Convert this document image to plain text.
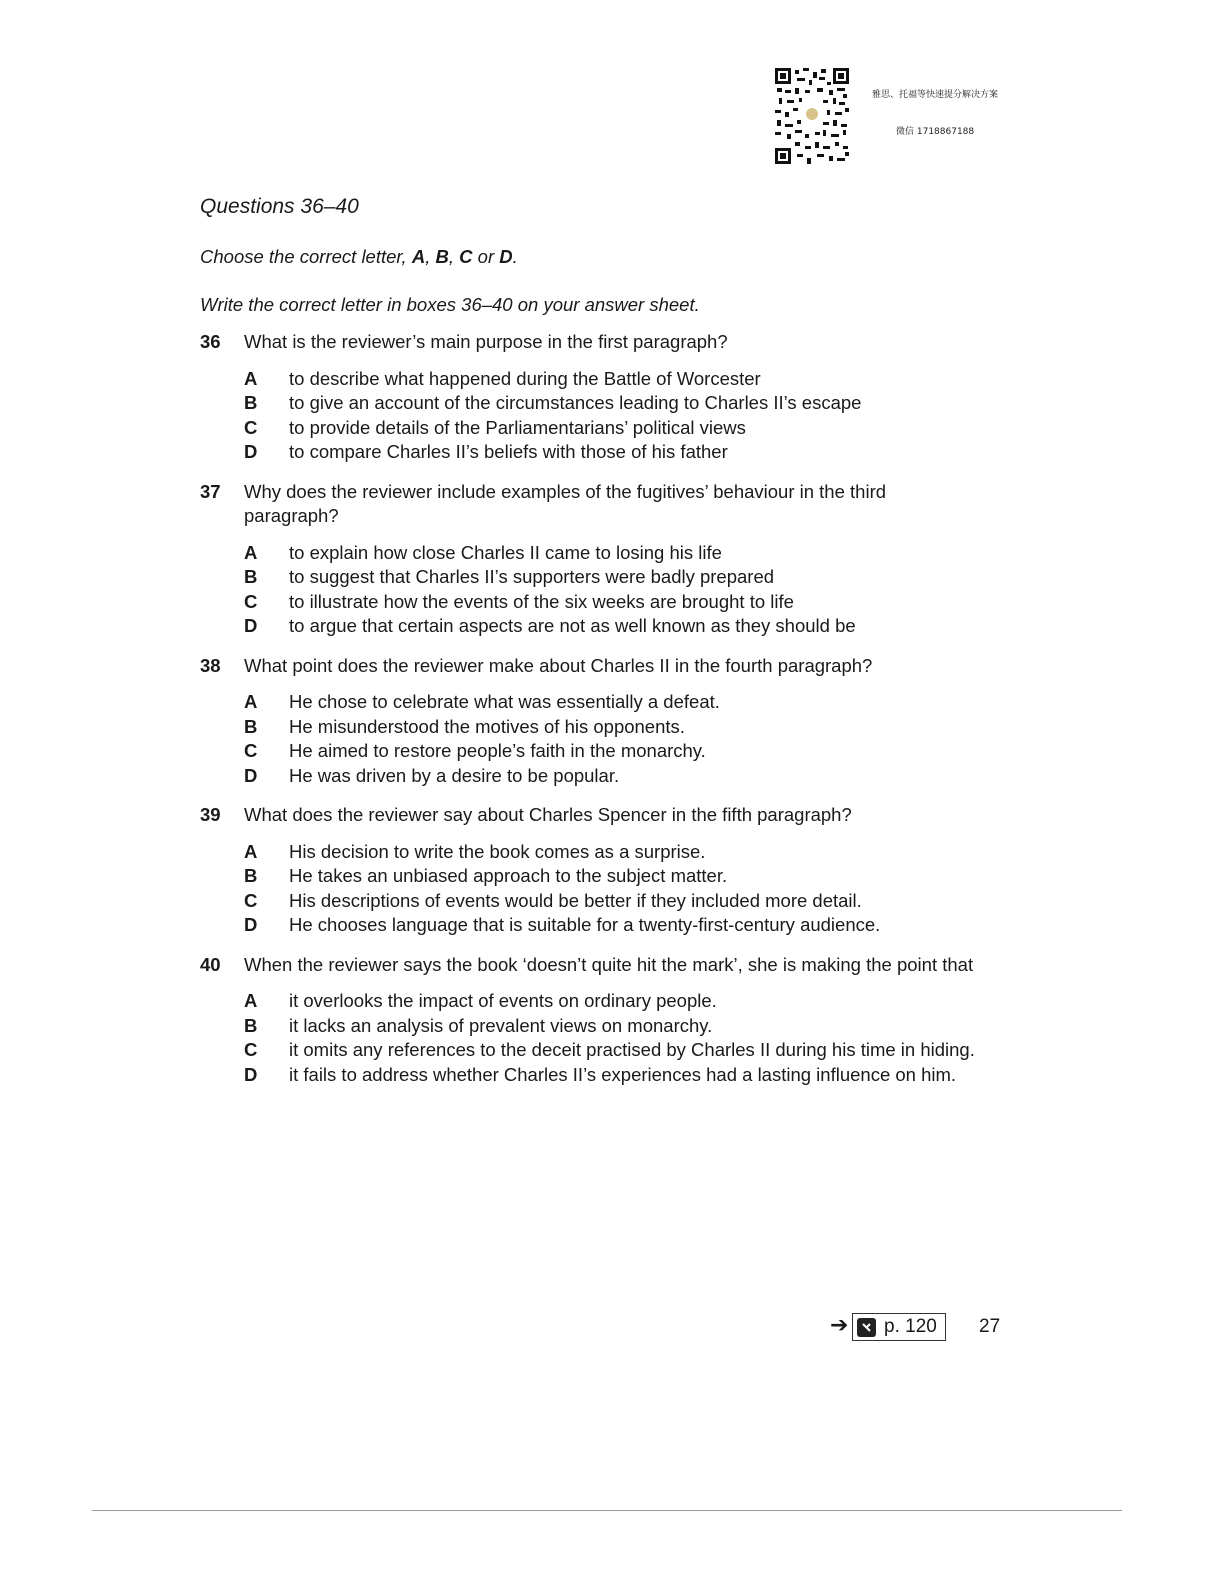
雅思、托福等快速提分解决方案
微信 1718867188
Questions 36–40
Choose the correct letter, A, B, C or D.
Write the correct letter in boxes 36–40 on your answer sheet.
36	What is the reviewer’s main purpose in the first paragraph?
A	to describe what happened during the Battle of Worcester
B	to give an account of the circumstances leading to Charles II’s escape
C	to provide details of the Parliamentarians’ political views
D	to compare Charles II’s beliefs with those of his father
37	Why does the reviewer include examples of the fugitives’ behaviour in the third paragraph?
A	to explain how close Charles II came to losing his life
B	to suggest that Charles II’s supporters were badly prepared
C	to illustrate how the events of the six weeks are brought to life
D	to argue that certain aspects are not as well known as they should be
38	What point does the reviewer make about Charles II in the fourth paragraph?
A	He chose to celebrate what was essentially a defeat.
B	He misunderstood the motives of his opponents.
C	He aimed to restore people’s faith in the monarchy.
D	He was driven by a desire to be popular.
39	What does the reviewer say about Charles Spencer in the fifth paragraph?
A	His decision to write the book comes as a surprise.
B	He takes an unbiased approach to the subject matter.
C	His descriptions of events would be better if they included more detail.
D	He chooses language that is suitable for a twenty-first-century audience.
40	When the reviewer says the book ‘doesn’t quite hit the mark’, she is making the point that
A	it overlooks the impact of events on ordinary people.
B	it lacks an analysis of prevalent views on monarchy.
C	it omits any references to the deceit practised by Charles II during his time in hiding.
D	it fails to address whether Charles II’s experiences had a lasting influence on him.
➔ p. 120 27
